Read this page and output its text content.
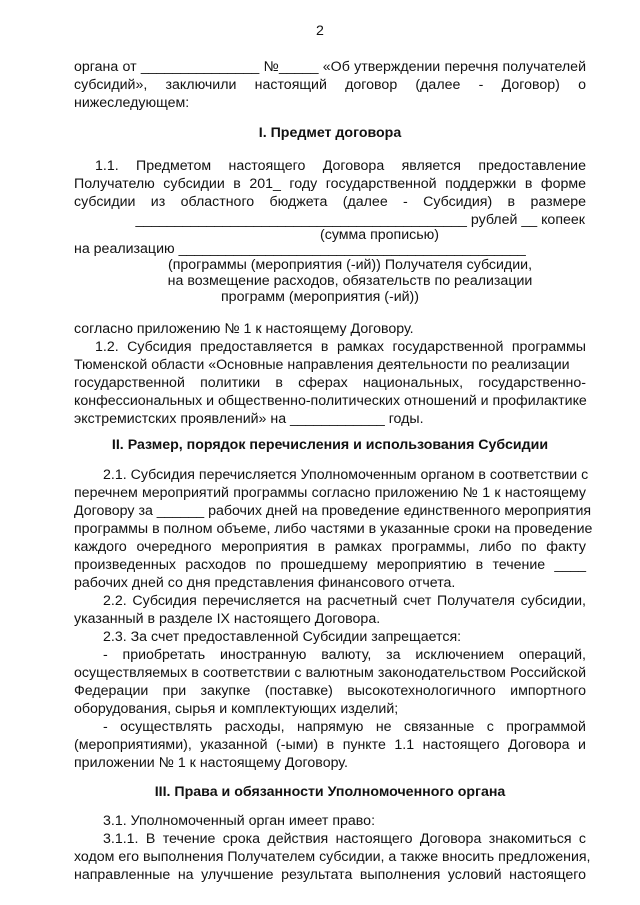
2
органа от _______________ №_____ «Об утверждении перечня получателей
субсидий», заключили настоящий договор (далее - Договор) о
нижеследующем:
I. Предмет договора
1.1. Предметом настоящего Договора является предоставление
Получателю субсидии в 201_ году государственной поддержки в форме
субсидии из областного бюджета (далее - Субсидия) в размере
__________________________________________ рублей __ копеек
(сумма прописью)
на реализацию ____________________________________________
(программы (мероприятия (-ий)) Получателя субсидии,
на возмещение расходов, обязательств по реализации
программ (мероприятия (-ий))
согласно приложению № 1 к настоящему Договору.
1.2. Субсидия предоставляется в рамках государственной программы
Тюменской области «Основные направления деятельности по реализации
государственной политики в сферах национальных, государственно-
конфессиональных и общественно-политических отношений и профилактике
экстремистских проявлений» на ____________ годы.
II. Размер, порядок перечисления и использования Субсидии
2.1. Субсидия перечисляется Уполномоченным органом в соответствии с
перечнем мероприятий программы согласно приложению № 1 к настоящему
Договору за ______ рабочих дней на проведение единственного мероприятия
программы в полном объеме, либо частями в указанные сроки на проведение
каждого очередного мероприятия в рамках программы, либо по факту
произведенных расходов по прошедшему мероприятию в течение ____
рабочих дней со дня представления финансового отчета.
2.2. Субсидия перечисляется на расчетный счет Получателя субсидии,
указанный в разделе IX настоящего Договора.
2.3. За счет предоставленной Субсидии запрещается:
- приобретать иностранную валюту, за исключением операций,
осуществляемых в соответствии с валютным законодательством Российской
Федерации при закупке (поставке) высокотехнологичного импортного
оборудования, сырья и комплектующих изделий;
- осуществлять расходы, напрямую не связанные с программой
(мероприятиями), указанной (-ыми) в пункте 1.1 настоящего Договора и
приложении № 1 к настоящему Договору.
III. Права и обязанности Уполномоченного органа
3.1. Уполномоченный орган имеет право:
3.1.1. В течение срока действия настоящего Договора знакомиться с
ходом его выполнения Получателем субсидии, а также вносить предложения,
направленные на улучшение результата выполнения условий настоящего
